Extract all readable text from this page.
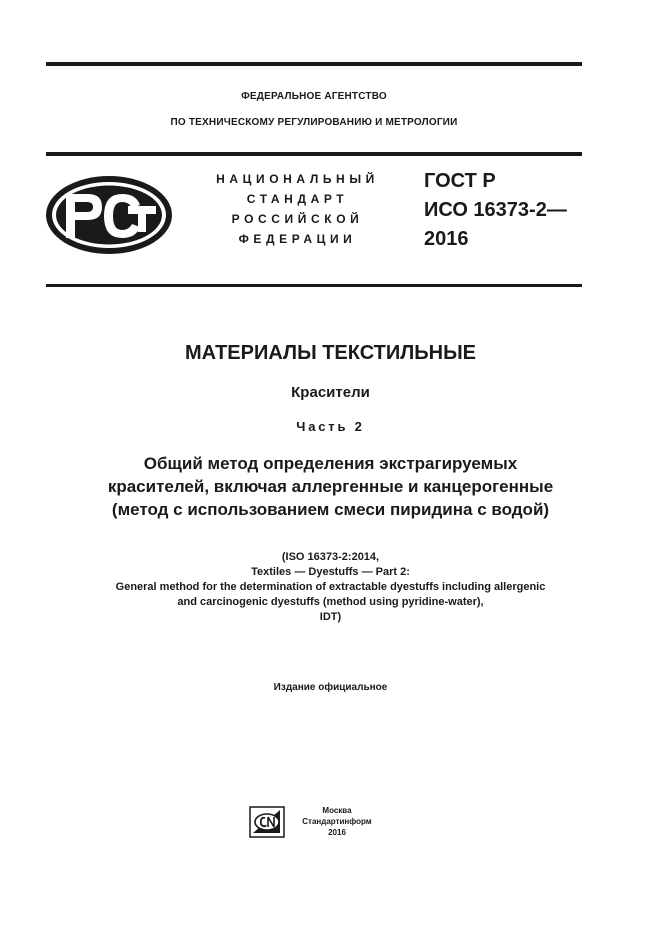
ФЕДЕРАЛЬНОЕ АГЕНТСТВО
ПО ТЕХНИЧЕСКОМУ РЕГУЛИРОВАНИЮ И МЕТРОЛОГИИ
НАЦИОНАЛЬНЫЙ
СТАНДАРТ
РОССИЙСКОЙ
ФЕДЕРАЦИИ
ГОСТ Р
ИСО 16373-2—
2016
МАТЕРИАЛЫ ТЕКСТИЛЬНЫЕ
Красители
Часть 2
Общий метод определения экстрагируемых
красителей, включая аллергенные и канцерогенные
(метод с использованием смеси пиридина с водой)
(ISO 16373-2:2014,
Textiles — Dyestuffs — Part 2:
General method for the determination of extractable dyestuffs including allergenic
and carcinogenic dyestuffs (method using pyridine-water),
IDT)
Издание официальное
Москва
Стандартинформ
2016
